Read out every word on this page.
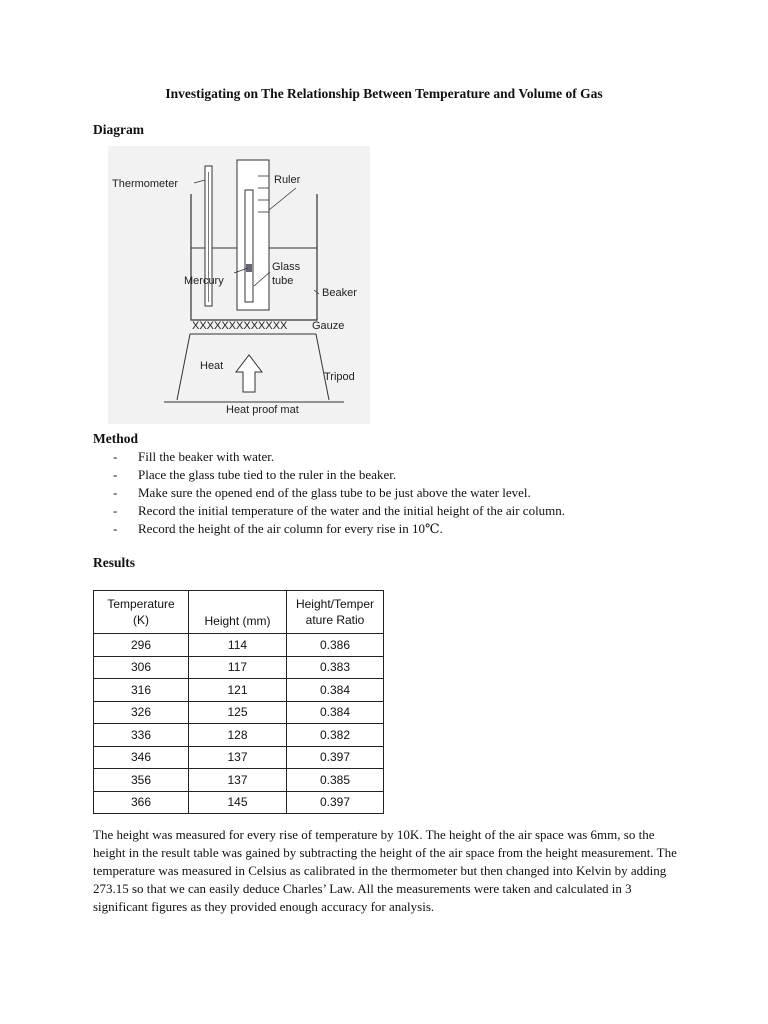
Investigating on The Relationship Between Temperature and Volume of Gas
Diagram
Thermometer	Ruler
Mercury
Glass
tube
Beaker
XXXXXXXXXXXXX Gauze
Tripod
Heat
Heat proof mat
Method
- Fill the beaker with water.
- Place the glass tube tied to the ruler in the beaker.
- Make sure the opened end of the glass tube to be just above the water level.
- Record the initial temperature of the water and the initial height of the air column.
- Record the height of the air column for every rise in 10℃.
Results
Temperature
(K)	Height (mm)	Height/Temper
ature Ratio
296	114	0.386
306	117	0.383
316	121	0.384
326	125	0.384
336	128	0.382
346	137	0.397
356	137	0.385
366	145	0.397

The height was measured for every rise of temperature by 10K. The height of the air space was 6mm, so the height in the result table was gained by subtracting the height of the air space from the height measurement. The temperature was measured in Celsius as calibrated in the thermometer but then changed into Kelvin by adding 273.15 so that we can easily deduce Charles’ Law. All the measurements were taken and calculated in 3 significant figures as they provided enough accuracy for analysis.
